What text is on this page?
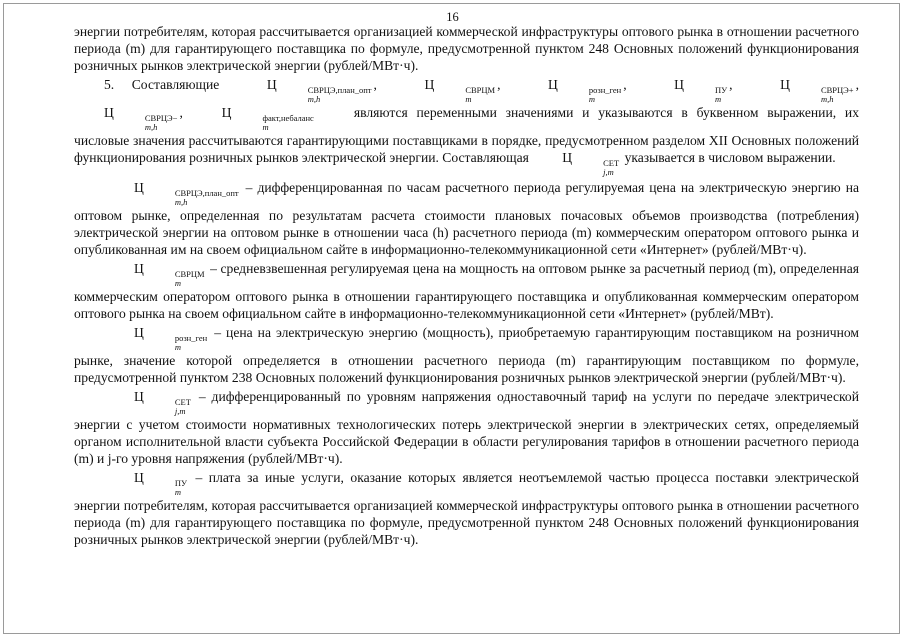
16

энергии потребителям, которая рассчитывается организацией коммерческой инфраструктуры оптового рынка в отношении расчетного периода (m) для гарантирующего поставщика по формуле, предусмотренной пунктом 248 Основных положений функционирования розничных рынков электрической энергии (рублей/МВт·ч).

5. Составляющие	Ц	СВРЦЭ,план_опт
m,h
,	Ц	СВРЦМ
m
,	Ц	розн_ген
m
,	Ц	ПУ
m
,	Ц	СВРЦЭ+
m,h
, Ц	СВРЦЭ−
m,h
,	Ц	факт,небаланс
m
являются переменными значениями и указываются в буквенном выражении, их числовые значения рассчитываются гарантирующими поставщиками в порядке, предусмотренном разделом XII Основных положений функционирования розничных рынков электрической энергии. Составляющая Ц	СЕТ
j,m
указывается в числовом выражении.

Ц	СВРЦЭ,план_опт
m,h
– дифференцированная по часам расчетного периода регулируемая цена на электрическую энергию на оптовом рынке, определенная по результатам расчета стоимости плановых почасовых объемов производства (потребления) электрической энергии на оптовом рынке в отношении часа (h) расчетного периода (m) коммерческим оператором оптового рынка и опубликованная им на своем официальном сайте в информационно-телекоммуникационной сети «Интернет» (рублей/МВт·ч).

Ц	СВРЦМ
m
– средневзвешенная регулируемая цена на мощность на оптовом рынке за расчетный период (m), определенная коммерческим оператором оптового рынка в отношении гарантирующего поставщика и опубликованная коммерческим оператором оптового рынка на своем официальном сайте в информационно-телекоммуникационной сети «Интернет» (рублей/МВт).

Ц	розн_ген
m
– цена на электрическую энергию (мощность), приобретаемую гарантирующим поставщиком на розничном рынке, значение которой определяется в отношении расчетного периода (m) гарантирующим поставщиком по формуле, предусмотренной пунктом 238 Основных положений функционирования розничных рынков электрической энергии (рублей/МВт·ч).

Ц	СЕТ
j,m
– дифференцированный по уровням напряжения одноставочный тариф на услуги по передаче электрической энергии с учетом стоимости нормативных технологических потерь электрической энергии в электрических сетях, определяемый органом исполнительной власти субъекта Российской Федерации в области регулирования тарифов в отношении расчетного периода (m) и j-го уровня напряжения (рублей/МВт·ч).

Ц	ПУ
m
– плата за иные услуги, оказание которых является неотъемлемой частью процесса поставки электрической энергии потребителям, которая рассчитывается организацией коммерческой инфраструктуры оптового рынка в отношении расчетного периода (m) для гарантирующего поставщика по формуле, предусмотренной пунктом 248 Основных положений функционирования розничных рынков электрической энергии (рублей/МВт·ч).
